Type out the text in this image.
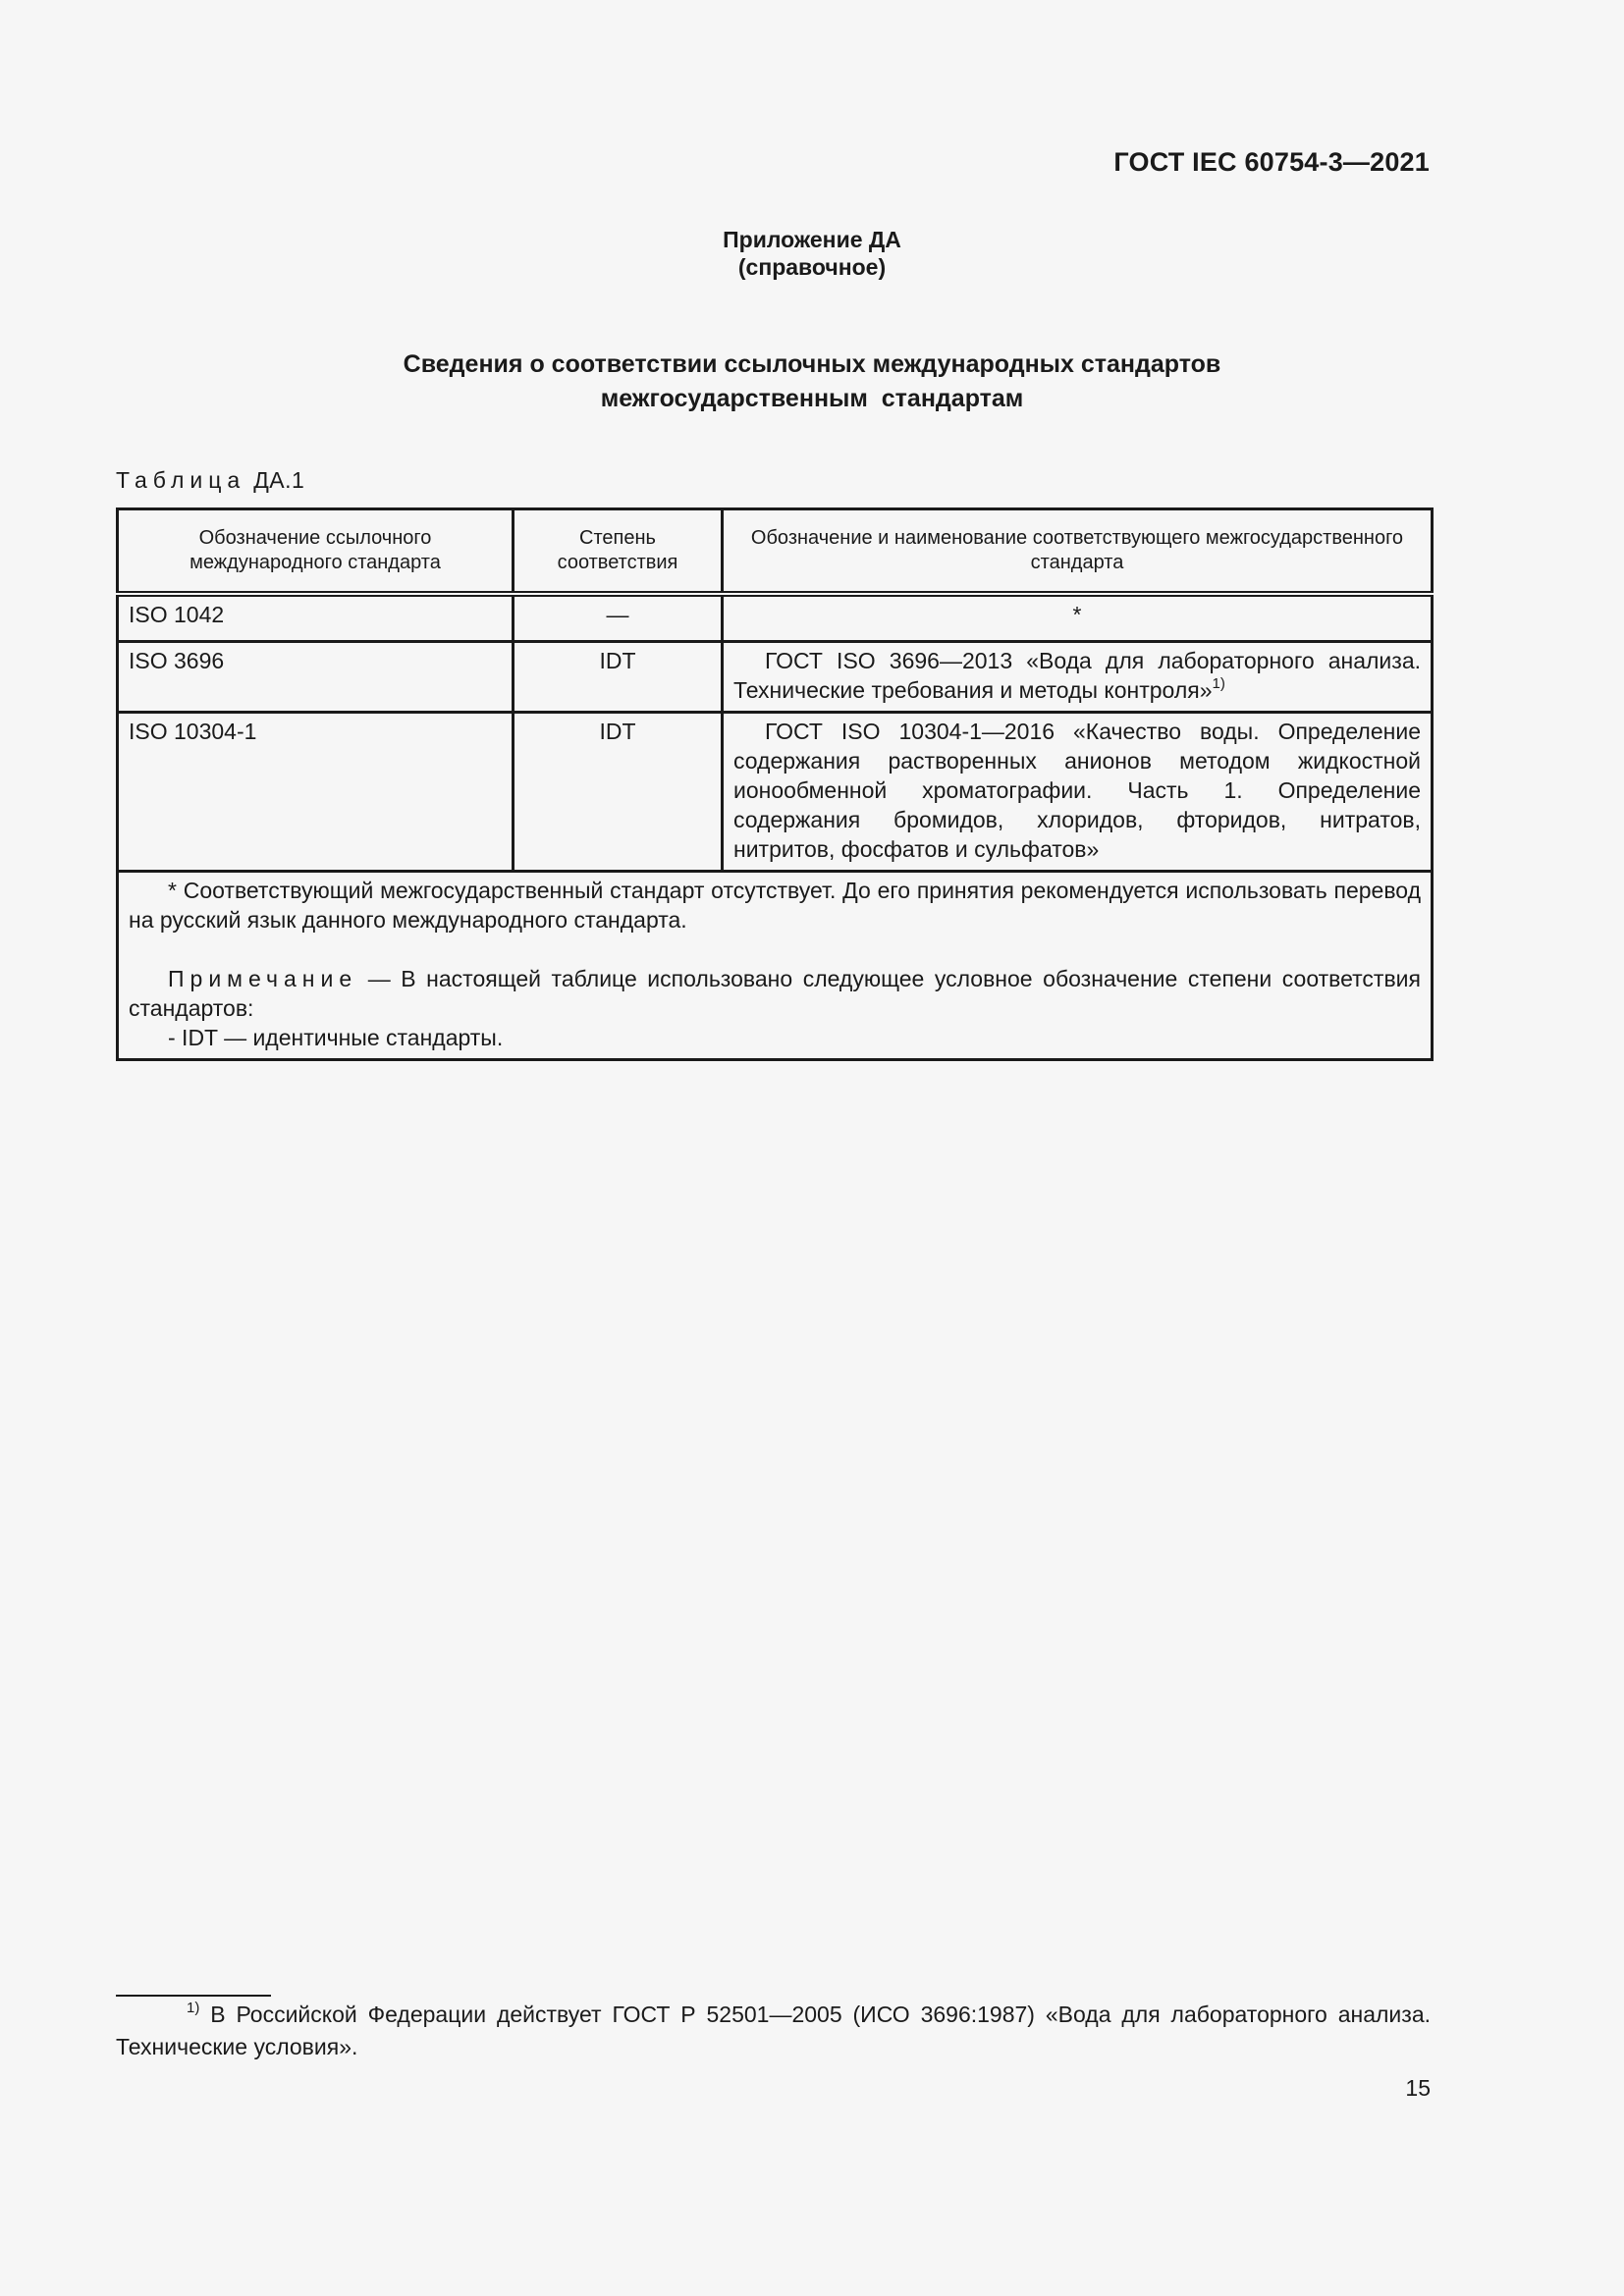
ГОСТ IEC 60754-3—2021
Приложение ДА
(справочное)
Сведения о соответствии ссылочных международных стандартов
межгосударственным  стандартам
Таблица ДА.1
Обозначение ссылочного международного стандарта	Степень соответствия	Обозначение и наименование соответствующего межгосударственного стандарта
ISO 1042	—	*
ISO 3696	IDT	ГОСТ ISO 3696—2013 «Вода для лабораторного анализа. Технические требования и методы контроля»$^{1)}$
ISO 10304-1	IDT	ГОСТ ISO 10304-1—2016 «Качество воды. Определение содержания растворенных анионов методом жидкостной ионообменной хроматографии. Часть 1. Определение содержания бромидов, хлоридов, фторидов, нитратов, нитритов, фосфатов и сульфатов»

* Соответствующий межгосударственный стандарт отсутствует. До его принятия рекомендуется использовать перевод на русский язык данного международного стандарта.

Примечание — В настоящей таблице использовано следующее условное обозначение степени соответствия стандартов:

- IDT — идентичные стандарты.		

$^{1)}$ В Российской Федерации действует ГОСТ Р 52501—2005 (ИСО 3696:1987) «Вода для лабораторного анализа. Технические условия».
15
